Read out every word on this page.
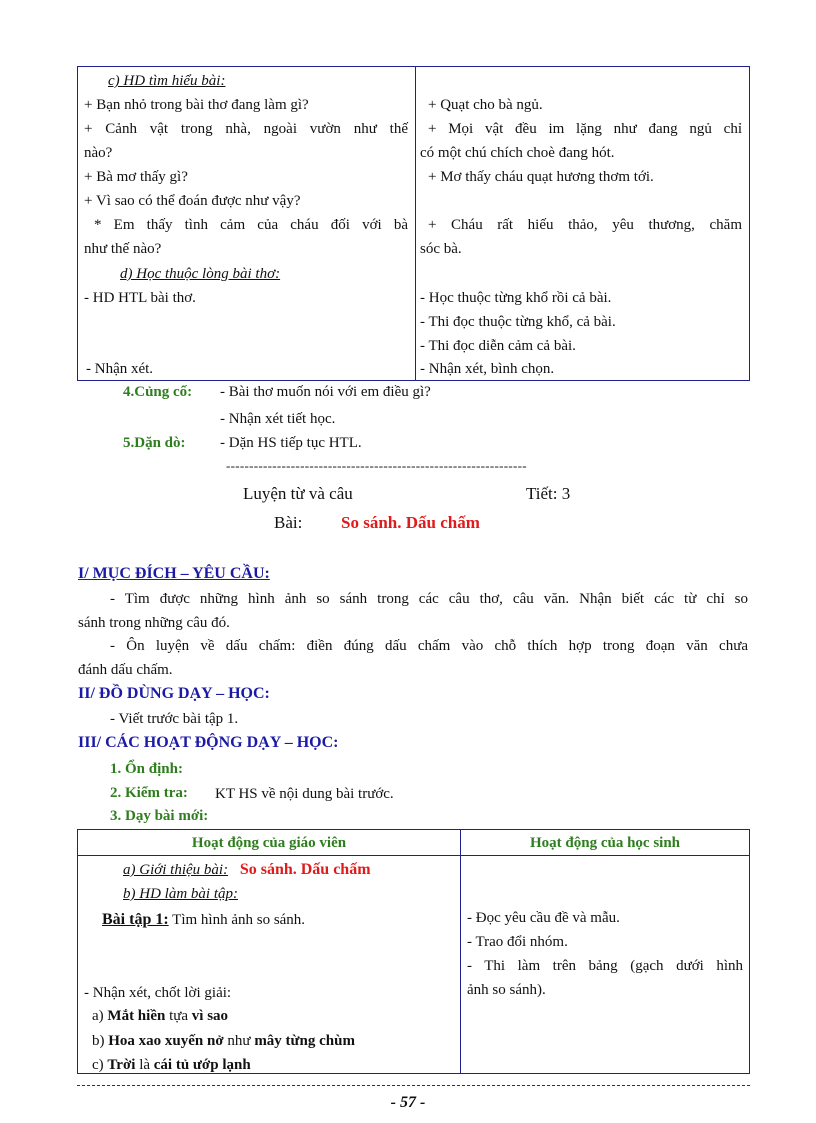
c) HD tìm hiểu bài:
+ Bạn nhỏ trong bài thơ đang làm gì?
+ Cảnh vật trong nhà, ngoài vườn như thế
nào?
+ Bà mơ thấy gì?
+ Vì sao có thể đoán được như vậy?
* Em thấy tình cảm của cháu đối với bà
như thế nào?
d) Học thuộc lòng bài thơ:
- HD HTL bài thơ.
- Nhận xét.
+ Quạt cho bà ngủ.
+ Mọi vật đều im lặng như đang ngủ chỉ
có một chú chích choè đang hót.
+ Mơ thấy cháu quạt hương thơm tới.
+ Cháu rất hiếu thảo, yêu thương, chăm
sóc bà.
- Học thuộc từng khổ rồi cả bài.
- Thi đọc thuộc từng khổ, cả bài.
- Thi đọc diễn cảm cả bài.
- Nhận xét, bình chọn.
4.Củng cố: - Bài thơ muốn nói với em điều gì?
- Nhận xét tiết học.
5.Dặn dò: - Dặn HS tiếp tục HTL.
-----------------------------------------------------------------
Luyện từ và câu	Tiết: 3
Bài: So sánh. Dấu chấm
I/ MỤC ĐÍCH – YÊU CẦU:
- Tìm được những hình ảnh so sánh trong các câu thơ, câu văn. Nhận biết các từ chỉ so
sánh trong những câu đó.
- Ôn luyện về dấu chấm: điền đúng dấu chấm vào chỗ thích hợp trong đoạn văn chưa
đánh dấu chấm.
II/ ĐỒ DÙNG DẠY – HỌC:
- Viết trước bài tập 1.
III/ CÁC HOẠT ĐỘNG DẠY – HỌC:
1. Ổn định:
2. Kiểm tra: KT HS về nội dung bài trước.
3. Dạy bài mới:
Hoạt động của giáo viên	Hoạt động của học sinh
a) Giới thiệu bài: So sánh. Dấu chấm
b) HD làm bài tập:
Bài tập 1: Tìm hình ảnh so sánh.
- Nhận xét, chốt lời giải:
a) Mắt hiền tựa vì sao
b) Hoa xao xuyến nở như mây từng chùm
c) Trời là cái tủ ướp lạnh
- Đọc yêu cầu đề và mẫu.
- Trao đổi nhóm.
- Thi làm trên bảng (gạch dưới hình
ảnh so sánh).
- 57 -
